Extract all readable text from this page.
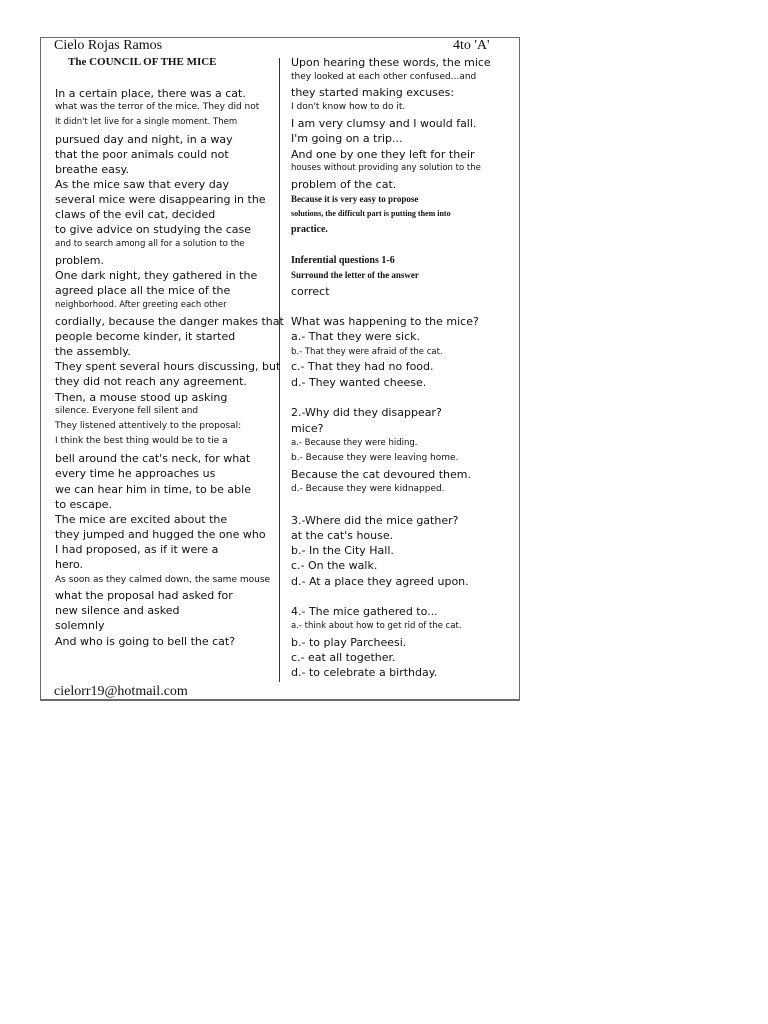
Cielo Rojas Ramos	4to 'A'
The COUNCIL OF THE MICE
In a certain place, there was a cat.
what was the terror of the mice. They did not
It didn't let live for a single moment. Them
pursued day and night, in a way
that the poor animals could not
breathe easy.
As the mice saw that every day
several mice were disappearing in the
claws of the evil cat, decided
to give advice on studying the case
and to search among all for a solution to the
problem.
One dark night, they gathered in the
agreed place all the mice of the
neighborhood. After greeting each other
cordially, because the danger makes that
people become kinder, it started
the assembly.
They spent several hours discussing, but
they did not reach any agreement.
Then, a mouse stood up asking
silence. Everyone fell silent and
They listened attentively to the proposal:
I think the best thing would be to tie a
bell around the cat's neck, for what
every time he approaches us
we can hear him in time, to be able
to escape.
The mice are excited about the
they jumped and hugged the one who
I had proposed, as if it were a
hero.
As soon as they calmed down, the same mouse
what the proposal had asked for
new silence and asked
solemnly
And who is going to bell the cat?
Upon hearing these words, the mice
they looked at each other confused...and
they started making excuses:
I don't know how to do it.
I am very clumsy and I would fall.
I'm going on a trip...
And one by one they left for their
houses without providing any solution to the
problem of the cat.
Because it is very easy to propose
solutions, the difficult part is putting them into
practice.
Inferential questions 1-6
Surround the letter of the answer
correct
What was happening to the mice?
a.- That they were sick.
b.- That they were afraid of the cat.
c.- That they had no food.
d.- They wanted cheese.
2.-Why did they disappear?
mice?
a.- Because they were hiding.
b.- Because they were leaving home.
Because the cat devoured them.
d.- Because they were kidnapped.
3.-Where did the mice gather?
at the cat's house.
b.- In the City Hall.
c.- On the walk.
d.- At a place they agreed upon.
4.- The mice gathered to...
a.- think about how to get rid of the cat.
b.- to play Parcheesi.
c.- eat all together.
d.- to celebrate a birthday.
cielorr19@hotmail.com
